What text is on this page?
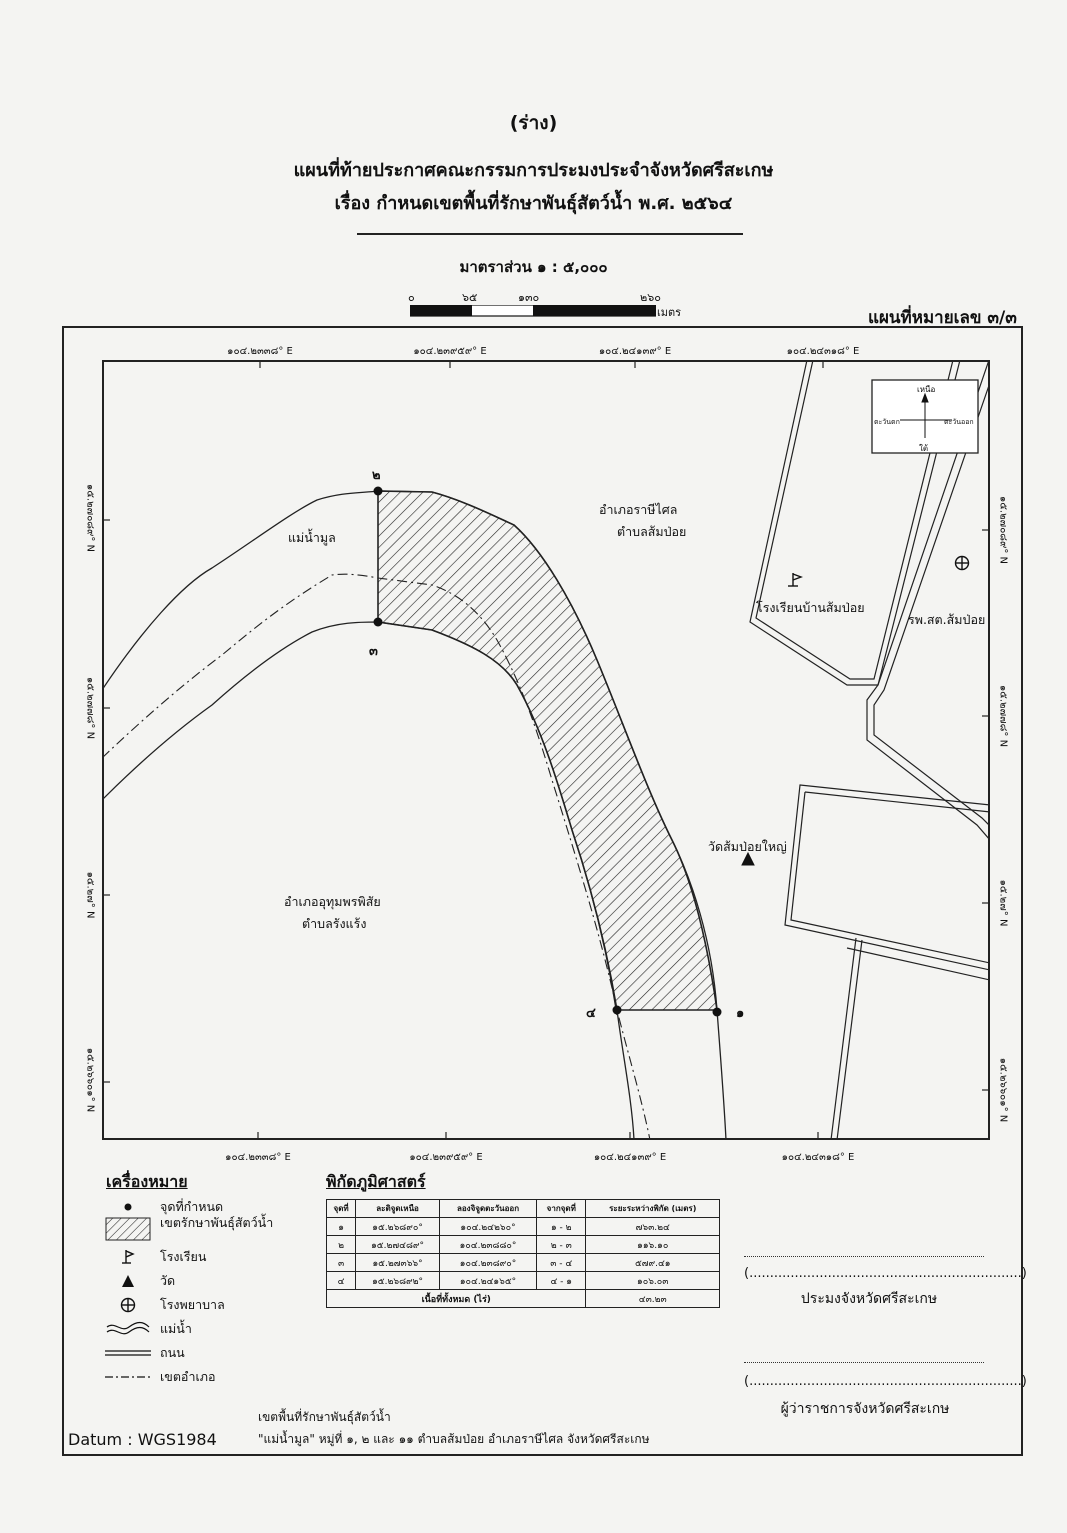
(ร่าง)
แผนที่ท้ายประกาศคณะกรรมการประมงประจำจังหวัดศรีสะเกษ
เรื่อง กำหนดเขตพื้นที่รักษาพันธุ์สัตว์น้ำ พ.ศ. ๒๕๖๔
มาตราส่วน ๑ : ๕,๐๐๐
๐	๖๕	๑๓๐	๒๖๐
เมตร	แผนที่หมายเลข ๓/๓
๑๐๔.๒๓๓๘° E	๑๐๔.๒๓๙๕๙° E	๑๐๔.๒๔๑๓๙° E	๑๐๔.๒๔๓๑๘° E
๑๐๔.๒๓๓๘° E	๑๐๔.๒๓๙๕๙° E	๑๐๔.๒๔๑๓๙° E	๑๐๔.๒๔๓๑๘° E
๑๕.๒๗๐๘๙° N
๑๕.๒๗๗๘° N
๑๕.๒๗° N
๑๕.๒๖๖๐๑° N
๑๕.๒๗๐๘๙° N
๑๕.๒๗๗๘° N
๑๕.๒๗° N
๑๕.๒๖๖๐๑° N
เหนือ
ใต้
ตะวันตก	ตะวันออก
แม่น้ำมูล
อำเภอราษีไศล
ตำบลส้มป่อย
โรงเรียนบ้านส้มป่อย
รพ.สต.ส้มป่อย
วัดส้มป่อยใหญ่
อำเภออุทุมพรพิสัย
ตำบลรังแร้ง
๒
๓
๔	๑
เครื่องหมาย
จุดที่กำหนด
เขตรักษาพันธุ์สัตว์น้ำ
โรงเรียน
วัด
โรงพยาบาล
แม่น้ำ
ถนน
เขตอำเภอ
พิกัดภูมิศาสตร์
จุดที่	ละติจูดเหนือ	ลองจิจูดตะวันออก	จากจุดที่	ระยะระหว่างพิกัด (เมตร)
๑	๑๕.๒๖๘๙๐°	๑๐๔.๒๔๒๖๐°	๑ - ๒	๗๖๓.๒๔
๒	๑๕.๒๗๔๘๙°	๑๐๔.๒๓๘๘๐°	๒ - ๓	๑๑๖.๑๐
๓	๑๕.๒๗๓๖๖°	๑๐๔.๒๓๘๙๐°	๓ - ๔	๕๗๙.๔๑
๔	๑๕.๒๖๘๙๒°	๑๐๔.๒๔๑๖๕°	๔ - ๑	๑๐๖.๐๓
เนื้อที่ทั้งหมด (ไร่)				๔๓.๒๓
(..................................................................)
ประมงจังหวัดศรีสะเกษ
(..................................................................)
ผู้ว่าราชการจังหวัดศรีสะเกษ
เขตพื้นที่รักษาพันธุ์สัตว์น้ำ
"แม่น้ำมูล" หมู่ที่ ๑, ๒ และ ๑๑ ตำบลส้มป่อย อำเภอราษีไศล จังหวัดศรีสะเกษ
Datum : WGS1984
